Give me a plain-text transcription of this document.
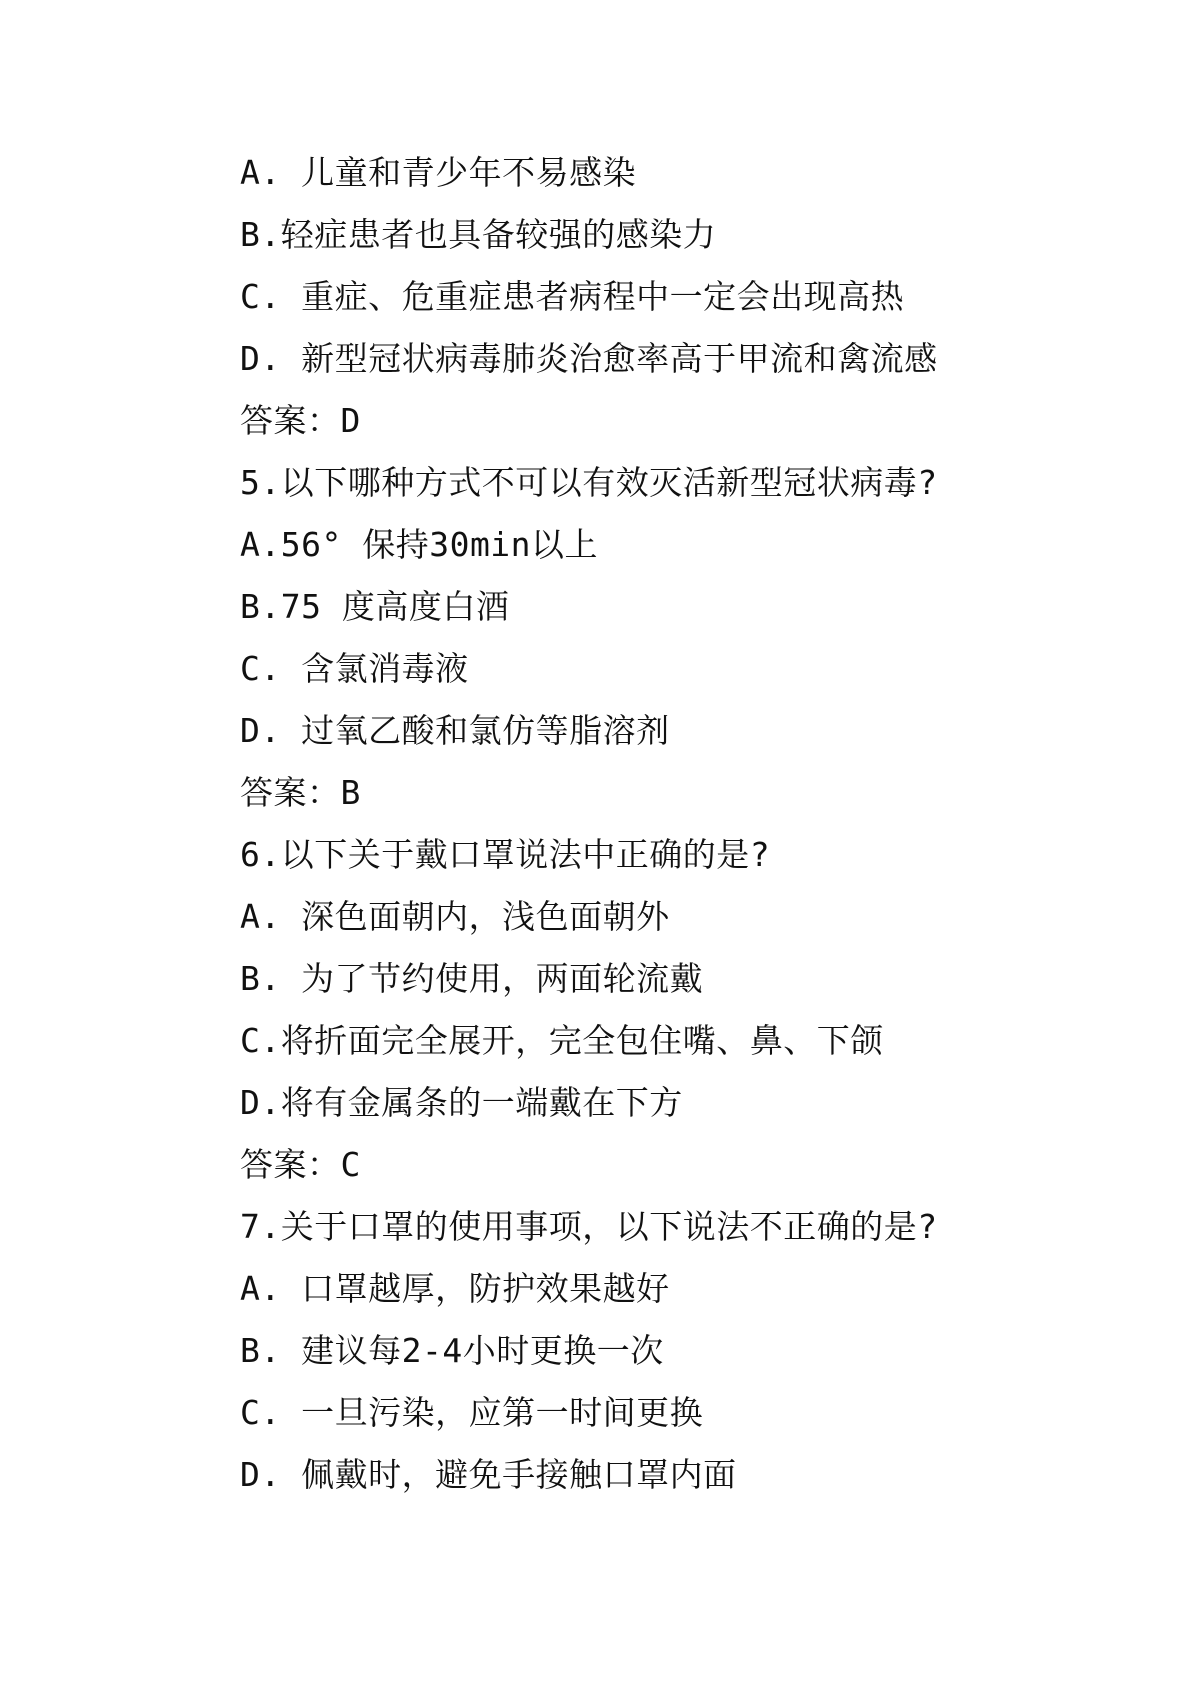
A. 儿童和青少年不易感染
B.轻症患者也具备较强的感染力
C. 重症、危重症患者病程中一定会出现高热
D. 新型冠状病毒肺炎治愈率高于甲流和禽流感
答案：D
5.以下哪种方式不可以有效灭活新型冠状病毒?
A.56° 保持30min以上
B.75 度高度白酒
C. 含氯消毒液
D. 过氧乙酸和氯仿等脂溶剂
答案：B
6.以下关于戴口罩说法中正确的是?
A. 深色面朝内，浅色面朝外
B. 为了节约使用，两面轮流戴
C.将折面完全展开，完全包住嘴、鼻、下颌
D.将有金属条的一端戴在下方
答案：C
7.关于口罩的使用事项，以下说法不正确的是?
A. 口罩越厚，防护效果越好
B. 建议每2-4小时更换一次
C. 一旦污染，应第一时间更换
D. 佩戴时，避免手接触口罩内面
